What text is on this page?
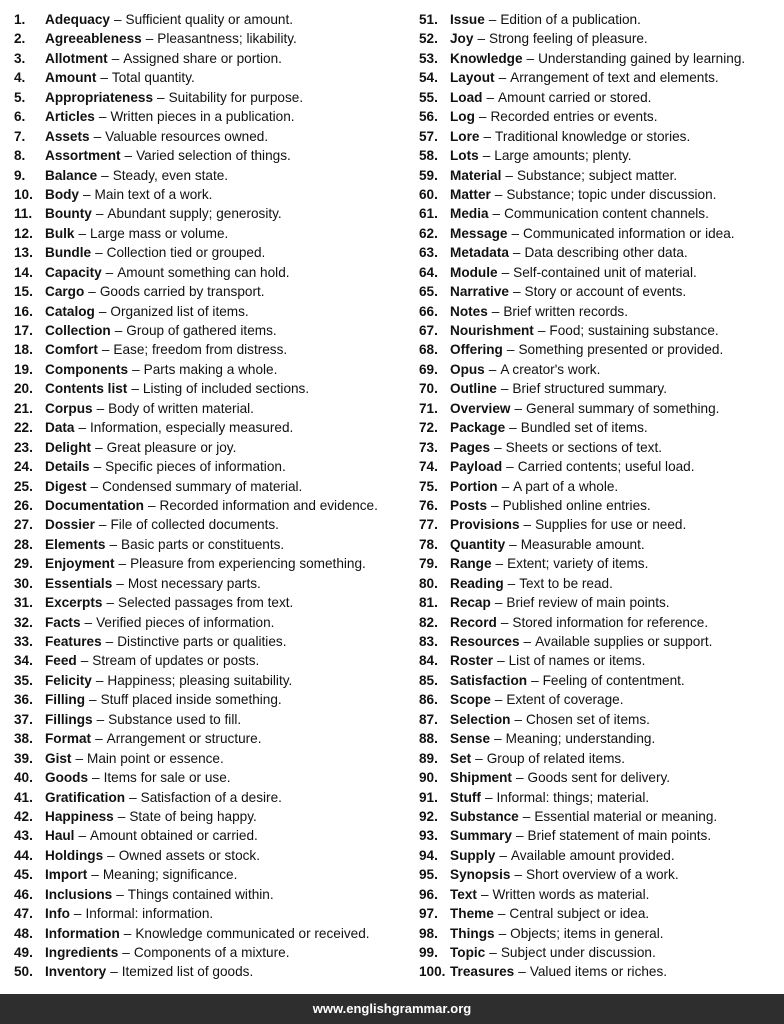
1.	Adequacy – Sufficient quality or amount.
2.	Agreeableness – Pleasantness; likability.
3.	Allotment – Assigned share or portion.
4.	Amount – Total quantity.
5.	Appropriateness – Suitability for purpose.
6.	Articles – Written pieces in a publication.
7.	Assets – Valuable resources owned.
8.	Assortment – Varied selection of things.
9.	Balance – Steady, even state.
10. Body – Main text of a work.
11. Bounty – Abundant supply; generosity.
12. Bulk – Large mass or volume.
13. Bundle – Collection tied or grouped.
14. Capacity – Amount something can hold.
15. Cargo – Goods carried by transport.
16. Catalog – Organized list of items.
17. Collection – Group of gathered items.
18. Comfort – Ease; freedom from distress.
19. Components – Parts making a whole.
20. Contents list – Listing of included sections.
21. Corpus – Body of written material.
22. Data – Information, especially measured.
23. Delight – Great pleasure or joy.
24. Details – Specific pieces of information.
25. Digest – Condensed summary of material.
26. Documentation – Recorded information and evidence.
27. Dossier – File of collected documents.
28. Elements – Basic parts or constituents.
29. Enjoyment – Pleasure from experiencing something.
30. Essentials – Most necessary parts.
31. Excerpts – Selected passages from text.
32. Facts – Verified pieces of information.
33. Features – Distinctive parts or qualities.
34. Feed – Stream of updates or posts.
35. Felicity – Happiness; pleasing suitability.
36. Filling – Stuff placed inside something.
37. Fillings – Substance used to fill.
38. Format – Arrangement or structure.
39. Gist – Main point or essence.
40. Goods – Items for sale or use.
41. Gratification – Satisfaction of a desire.
42. Happiness – State of being happy.
43. Haul – Amount obtained or carried.
44. Holdings – Owned assets or stock.
45. Import – Meaning; significance.
46. Inclusions – Things contained within.
47. Info – Informal: information.
48. Information – Knowledge communicated or received.
49. Ingredients – Components of a mixture.
50. Inventory – Itemized list of goods.
51. Issue – Edition of a publication.
52. Joy – Strong feeling of pleasure.
53. Knowledge – Understanding gained by learning.
54. Layout – Arrangement of text and elements.
55. Load – Amount carried or stored.
56. Log – Recorded entries or events.
57. Lore – Traditional knowledge or stories.
58. Lots – Large amounts; plenty.
59. Material – Substance; subject matter.
60. Matter – Substance; topic under discussion.
61. Media – Communication content channels.
62. Message – Communicated information or idea.
63. Metadata – Data describing other data.
64. Module – Self-contained unit of material.
65. Narrative – Story or account of events.
66. Notes – Brief written records.
67. Nourishment – Food; sustaining substance.
68. Offering – Something presented or provided.
69. Opus – A creator's work.
70. Outline – Brief structured summary.
71. Overview – General summary of something.
72. Package – Bundled set of items.
73. Pages – Sheets or sections of text.
74. Payload – Carried contents; useful load.
75. Portion – A part of a whole.
76. Posts – Published online entries.
77. Provisions – Supplies for use or need.
78. Quantity – Measurable amount.
79. Range – Extent; variety of items.
80. Reading – Text to be read.
81. Recap – Brief review of main points.
82. Record – Stored information for reference.
83. Resources – Available supplies or support.
84. Roster – List of names or items.
85. Satisfaction – Feeling of contentment.
86. Scope – Extent of coverage.
87. Selection – Chosen set of items.
88. Sense – Meaning; understanding.
89. Set – Group of related items.
90. Shipment – Goods sent for delivery.
91. Stuff – Informal: things; material.
92. Substance – Essential material or meaning.
93. Summary – Brief statement of main points.
94. Supply – Available amount provided.
95. Synopsis – Short overview of a work.
96. Text – Written words as material.
97. Theme – Central subject or idea.
98. Things – Objects; items in general.
99. Topic – Subject under discussion.
100. Treasures – Valued items or riches.
www.englishgrammar.org
